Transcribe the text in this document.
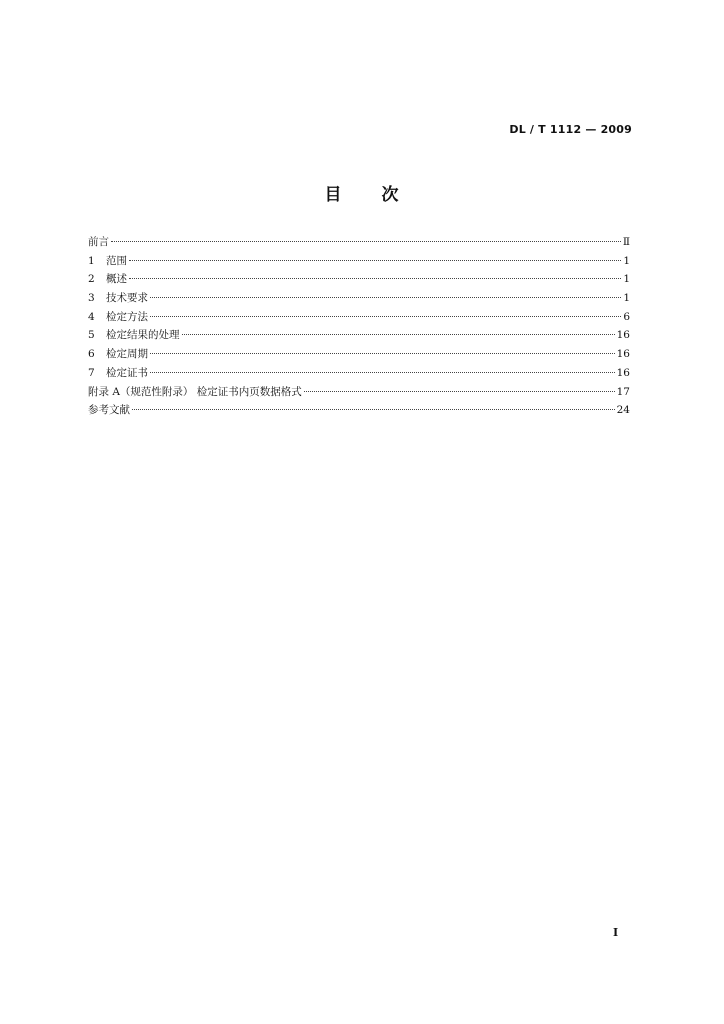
DL / T 1112 — 2009
目 次
前言	Ⅱ
1	范围	1
2	概述	1
3	技术要求	1
4	检定方法	6
5	检定结果的处理	16
6	检定周期	16
7	检定证书	16
附录 A（规范性附录） 检定证书内页数据格式	17
参考文献	24
I
